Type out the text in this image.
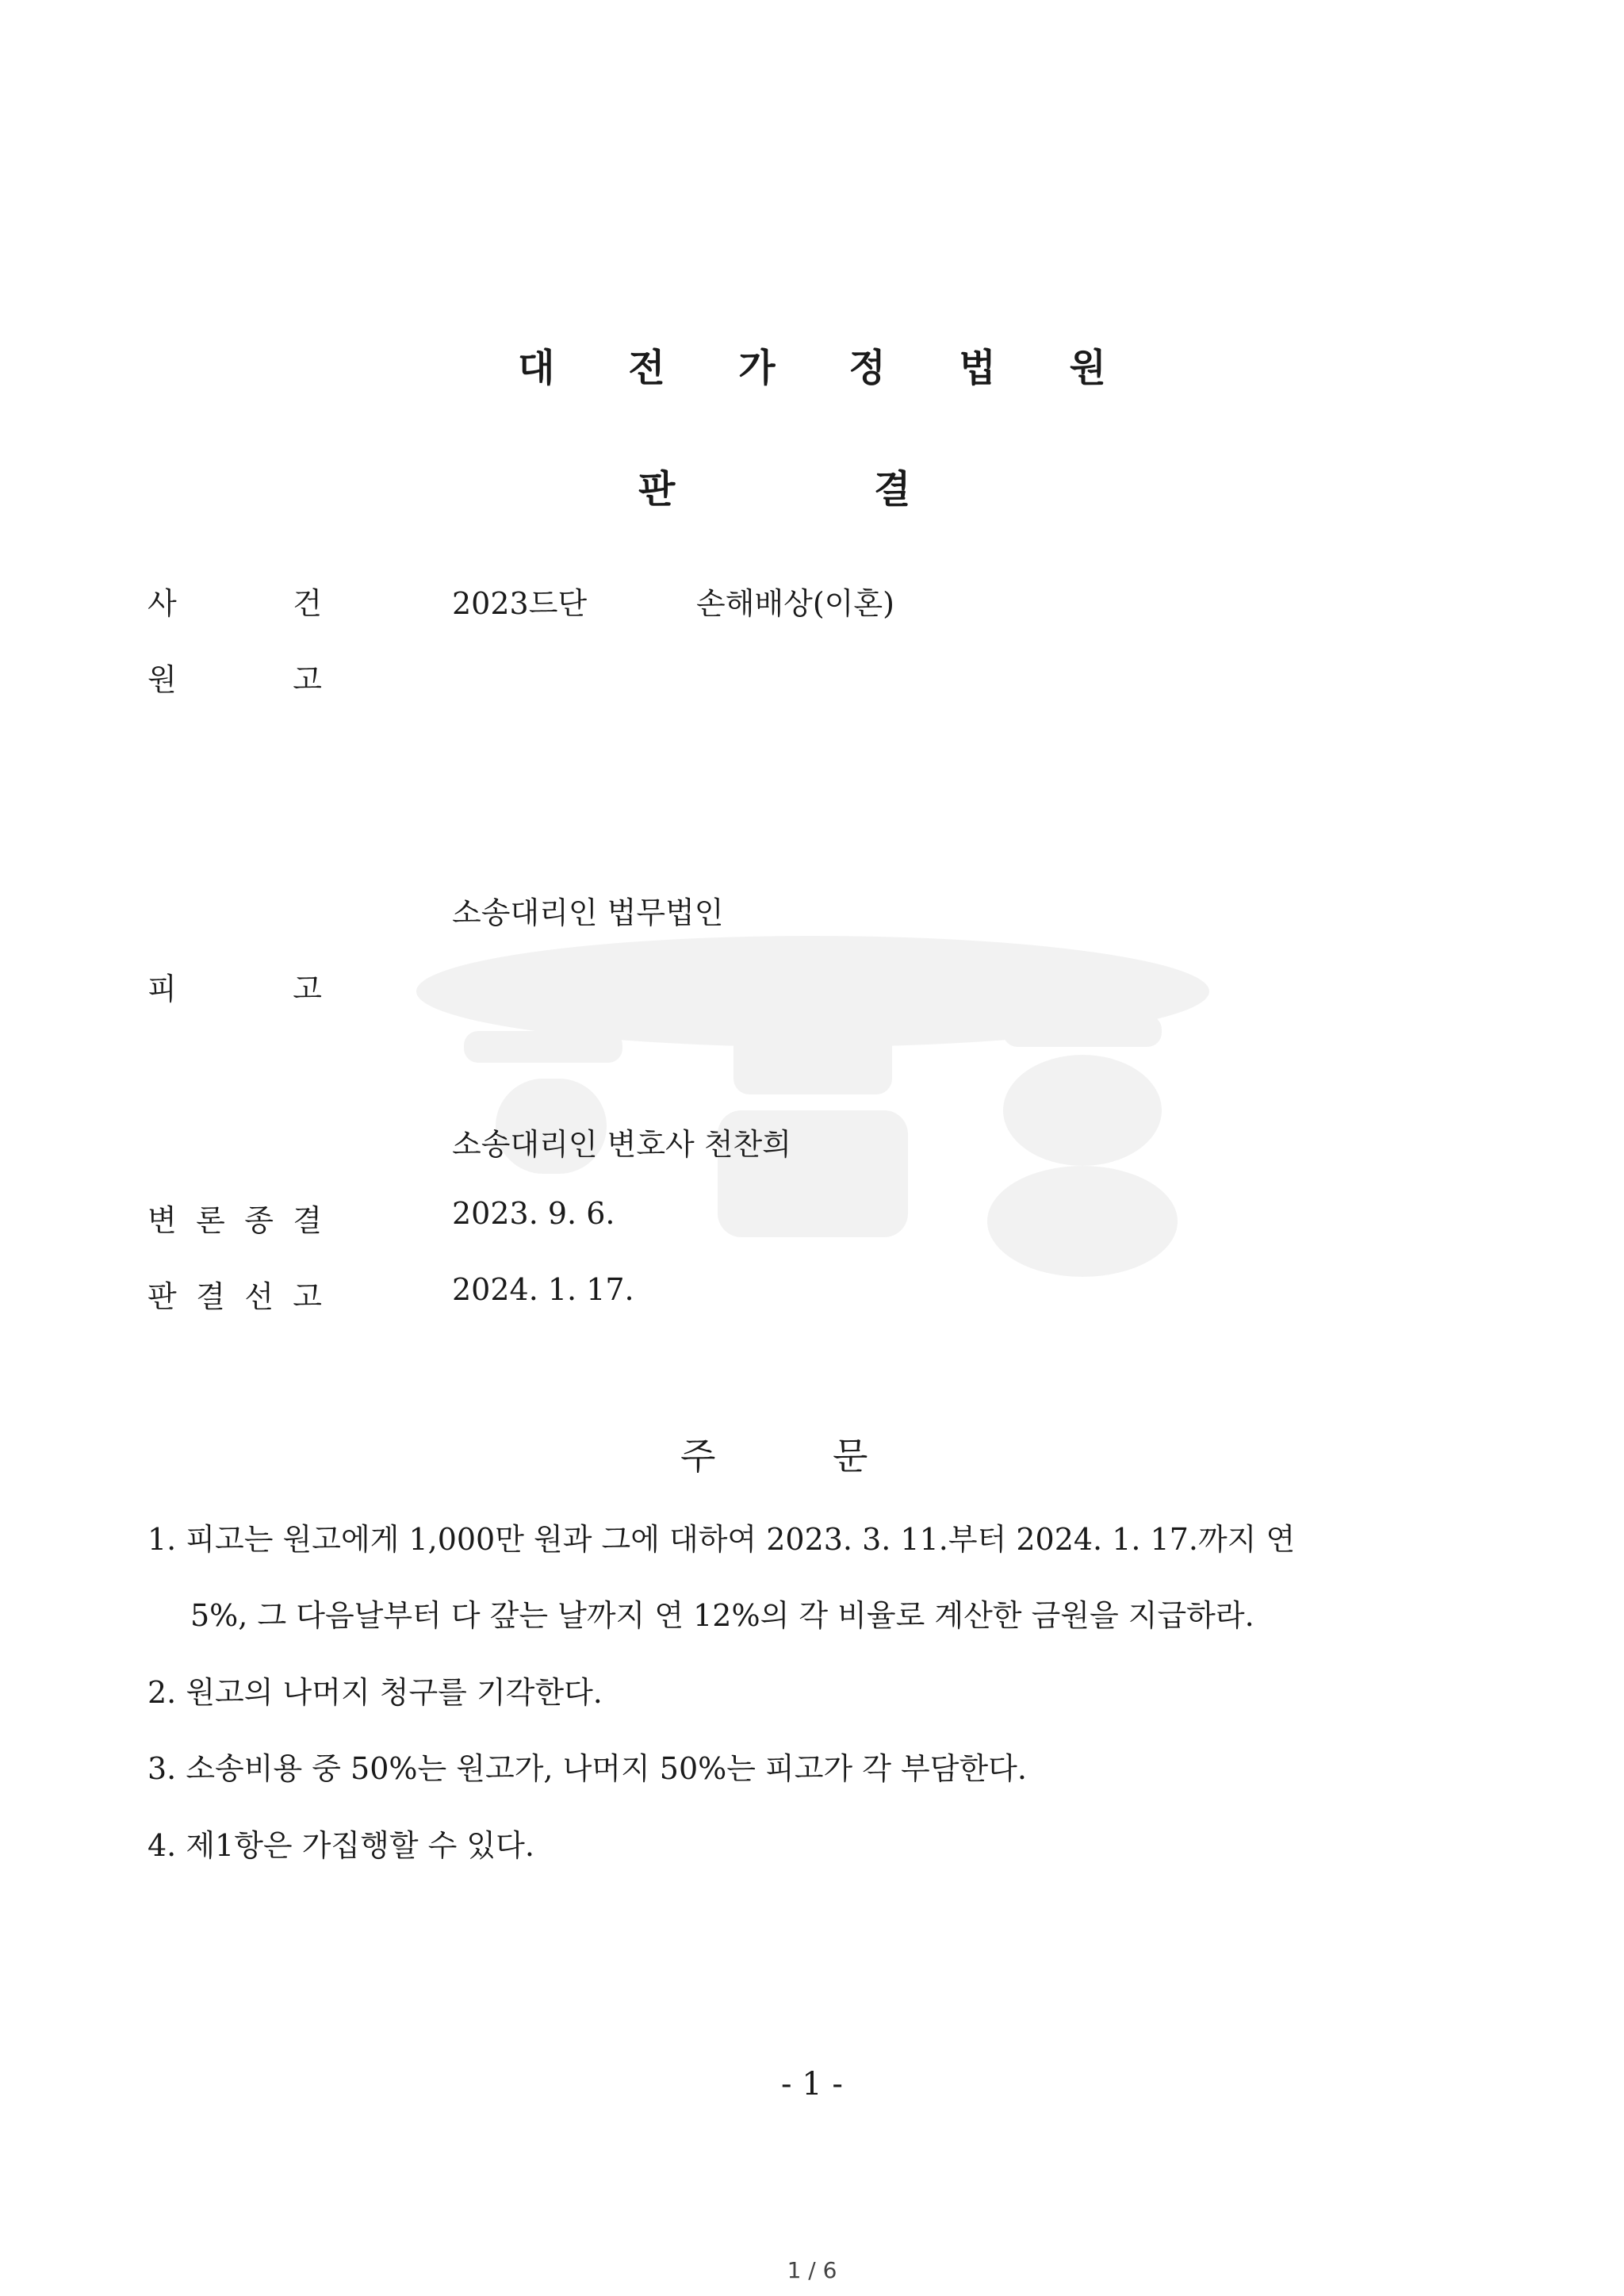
대 전 가 정 법 원
판	결
사	건	2023드단	손해배상(이혼)
원	고
소송대리인 법무법인
피	고
소송대리인 변호사 천찬희
변 론 종 결	2023. 9. 6.
판 결 선 고	2024. 1. 17.
주	문
1. 피고는 원고에게 1,000만 원과 그에 대하여 2023. 3. 11.부터 2024. 1. 17.까지 연
5%, 그 다음날부터 다 갚는 날까지 연 12%의 각 비율로 계산한 금원을 지급하라.
2. 원고의 나머지 청구를 기각한다.
3. 소송비용 중 50%는 원고가, 나머지 50%는 피고가 각 부담한다.
4. 제1항은 가집행할 수 있다.
- 1 -
1 / 6
